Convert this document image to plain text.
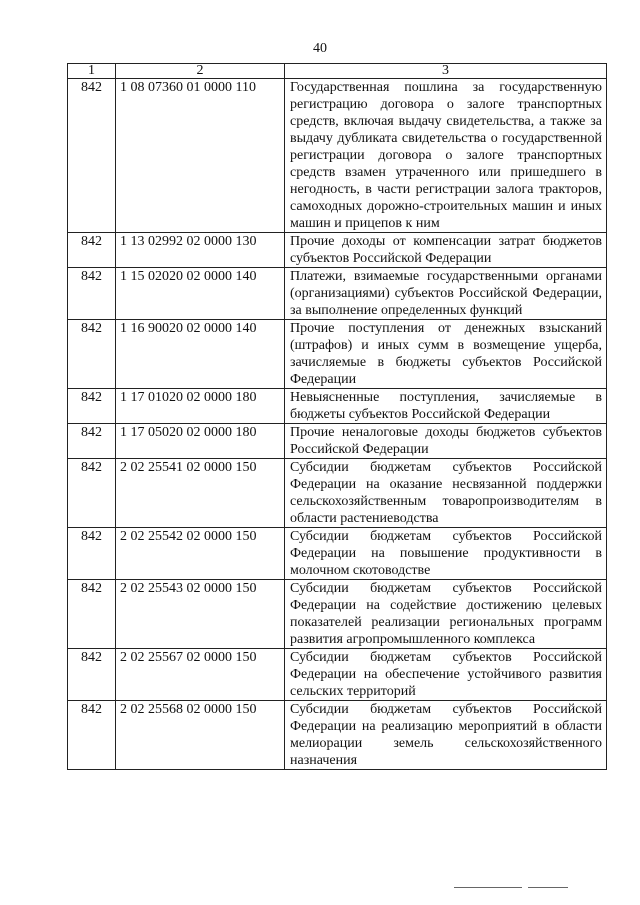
40
1	2	3
842	1 08 07360 01 0000 110	Государственная пошлина за государственную регистрацию договора о залоге транспортных средств, включая выдачу свидетельства, а также за выдачу дубликата свидетельства о государственной регистрации договора о залоге транспортных средств взамен утраченного или пришедшего в негодность, в части регистрации залога тракторов, самоходных дорожно-строительных машин и иных машин и прицепов к ним
842	1 13 02992 02 0000 130	Прочие доходы от компенсации затрат бюджетов субъектов Российской Федерации
842	1 15 02020 02 0000 140	Платежи, взимаемые государственными органами (организациями) субъектов Российской Федерации, за выполнение определенных функций
842	1 16 90020 02 0000 140	Прочие поступления от денежных взысканий (штрафов) и иных сумм в возмещение ущерба, зачисляемые в бюджеты субъектов Российской Федерации
842	1 17 01020 02 0000 180	Невыясненные поступления, зачисляемые в бюджеты субъектов Российской Федерации
842	1 17 05020 02 0000 180	Прочие неналоговые доходы бюджетов субъектов Российской Федерации
842	2 02 25541 02 0000 150	Субсидии бюджетам субъектов Российской Федерации на оказание несвязанной поддержки сельскохозяйственным товаропроизводителям в области растениеводства
842	2 02 25542 02 0000 150	Субсидии бюджетам субъектов Российской Федерации на повышение продуктивности в молочном скотоводстве
842	2 02 25543 02 0000 150	Субсидии бюджетам субъектов Российской Федерации на содействие достижению целевых показателей реализации региональных программ развития агропромышленного комплекса
842	2 02 25567 02 0000 150	Субсидии бюджетам субъектов Российской Федерации на обеспечение устойчивого развития сельских территорий
842	2 02 25568 02 0000 150	Субсидии бюджетам субъектов Российской Федерации на реализацию мероприятий в области мелиорации земель сельскохозяйственного назначения
